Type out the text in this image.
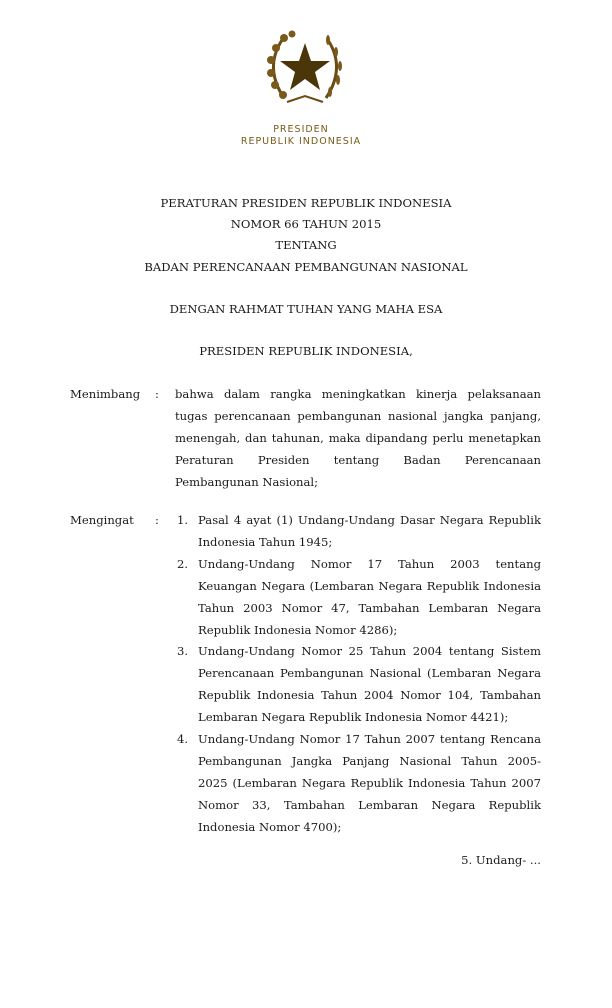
PRESIDEN
REPUBLIK INDONESIA
PERATURAN PRESIDEN REPUBLIK INDONESIA
NOMOR 66 TAHUN 2015
TENTANG
BADAN PERENCANAAN PEMBANGUNAN NASIONAL
DENGAN RAHMAT TUHAN YANG MAHA ESA
PRESIDEN REPUBLIK INDONESIA,
Menimbang : bahwa dalam rangka meningkatkan kinerja pelaksanaan
tugas perencanaan pembangunan nasional jangka panjang,
menengah, dan tahunan, maka dipandang perlu menetapkan
Peraturan Presiden tentang Badan Perencanaan
Pembangunan Nasional;
Mengingat : 1. Pasal 4 ayat (1) Undang-Undang Dasar Negara Republik
Indonesia Tahun 1945;
2. Undang-Undang Nomor 17 Tahun 2003 tentang
Keuangan Negara (Lembaran Negara Republik Indonesia
Tahun 2003 Nomor 47, Tambahan Lembaran Negara
Republik Indonesia Nomor 4286);
3. Undang-Undang Nomor 25 Tahun 2004 tentang Sistem
Perencanaan Pembangunan Nasional (Lembaran Negara
Republik Indonesia Tahun 2004 Nomor 104, Tambahan
Lembaran Negara Republik Indonesia Nomor 4421);
4. Undang-Undang Nomor 17 Tahun 2007 tentang Rencana
Pembangunan Jangka Panjang Nasional Tahun 2005-
2025 (Lembaran Negara Republik Indonesia Tahun 2007
Nomor 33, Tambahan Lembaran Negara Republik
Indonesia Nomor 4700);
5. Undang- ...
